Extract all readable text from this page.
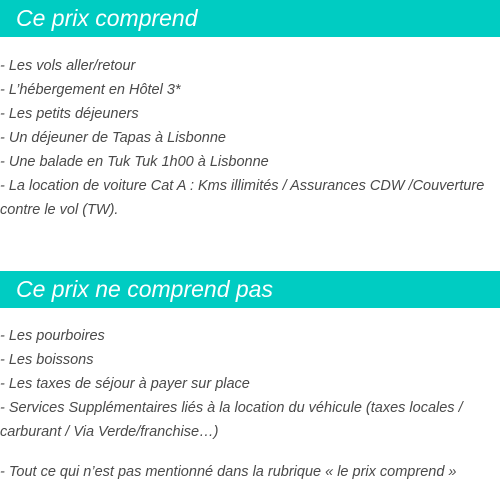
Ce prix comprend
- Les vols aller/retour
- L’hébergement en Hôtel 3*
- Les petits déjeuners
- Un déjeuner de Tapas à Lisbonne
- Une balade en Tuk Tuk 1h00 à Lisbonne
- La location de voiture Cat A : Kms illimités / Assurances CDW /Couverture contre le vol (TW).
Ce prix ne comprend pas
- Les pourboires
- Les boissons
- Les taxes de séjour à payer sur place
- Services Supplémentaires liés à la location du véhicule (taxes locales / carburant / Via Verde/franchise…)
- Tout ce qui n’est pas mentionné dans la rubrique « le prix comprend »
